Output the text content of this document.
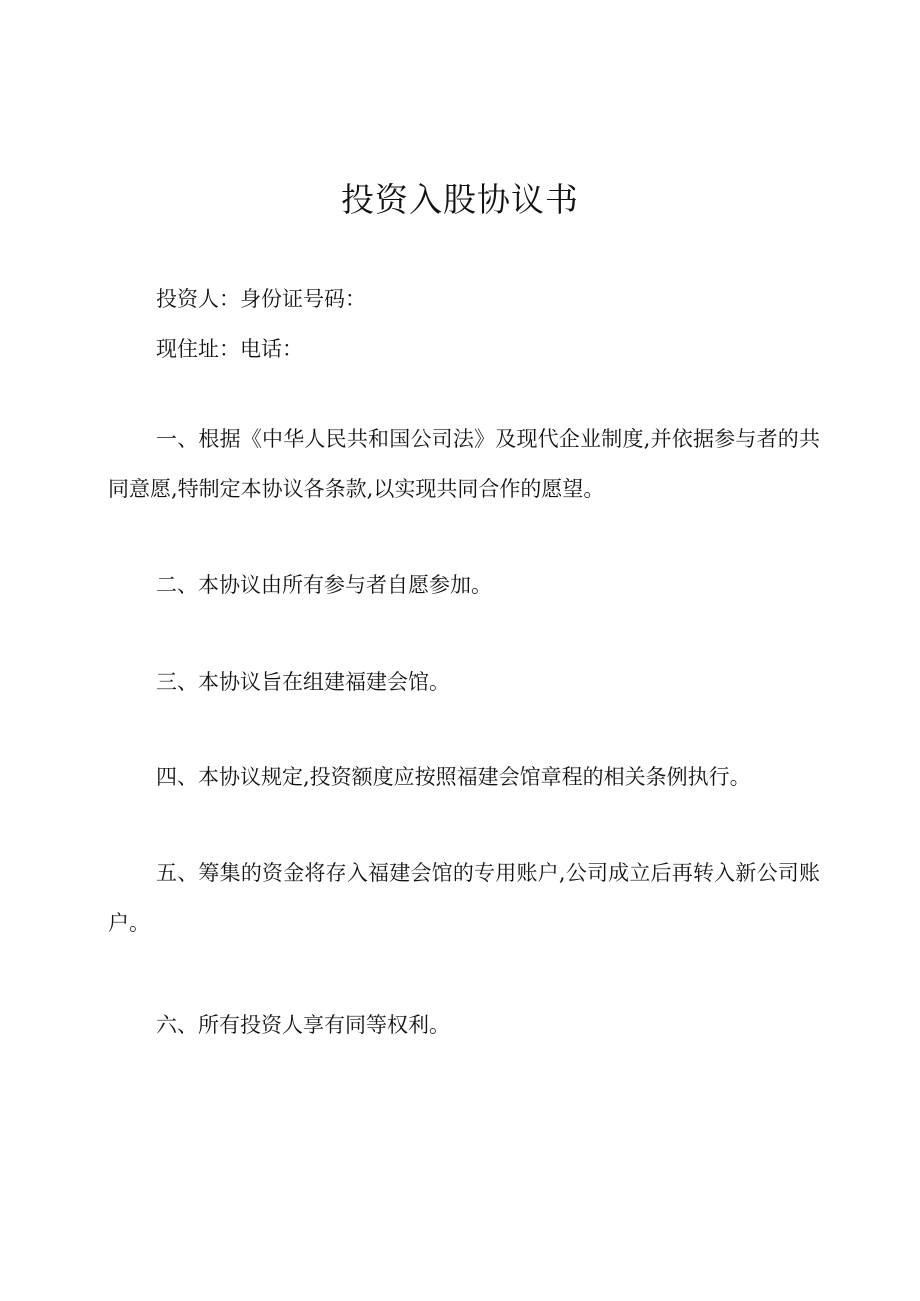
投资入股协议书
投资人：身份证号码：
现住址：电话：
一、根据《中华人民共和国公司法》及现代企业制度,并依据参与者的共同意愿,特制定本协议各条款,以实现共同合作的愿望。
二、本协议由所有参与者自愿参加。
三、本协议旨在组建福建会馆。
四、本协议规定,投资额度应按照福建会馆章程的相关条例执行。
五、筹集的资金将存入福建会馆的专用账户,公司成立后再转入新公司账户。
六、所有投资人享有同等权利。
